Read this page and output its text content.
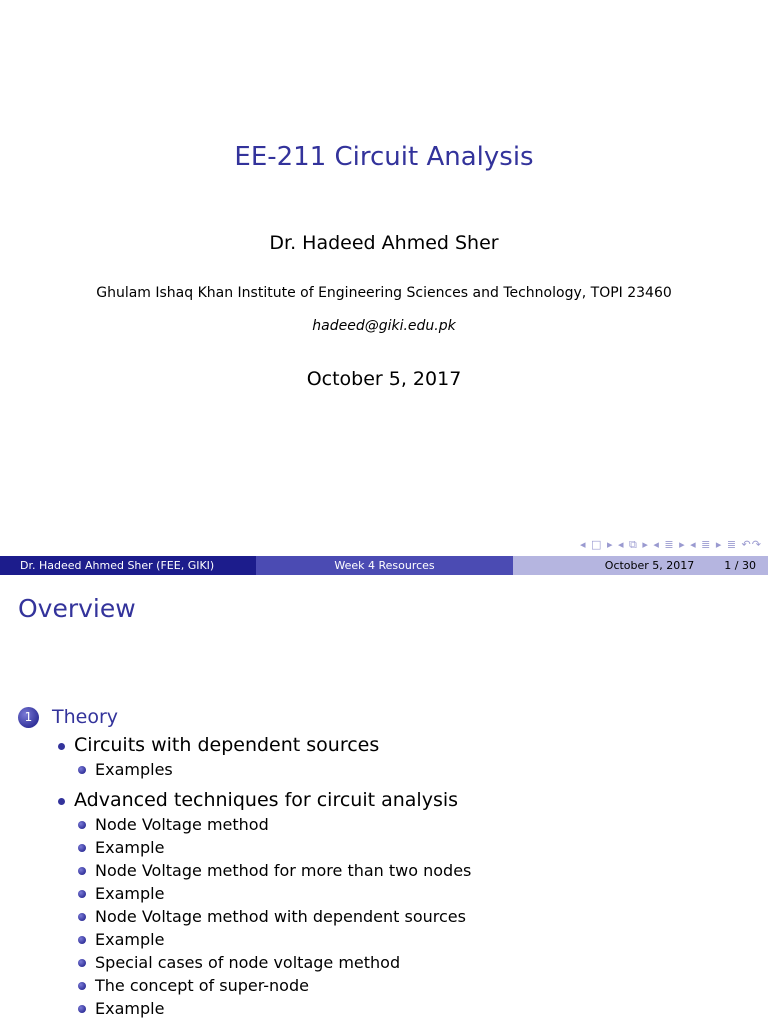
EE-211 Circuit Analysis
Dr. Hadeed Ahmed Sher
Ghulam Ishaq Khan Institute of Engineering Sciences and Technology, TOPI 23460
hadeed@giki.edu.pk
October 5, 2017
◂ □ ▸ ◂ ⧉ ▸ ◂ ≣ ▸ ◂ ≣ ▸ ≣ ↶↷
Dr. Hadeed Ahmed Sher (FEE, GIKI)	Week 4 Resources	October 5, 2017	1 / 30
Overview
1	Theory
Circuits with dependent sources
Examples
Advanced techniques for circuit analysis
Node Voltage method
Example
Node Voltage method for more than two nodes
Example
Node Voltage method with dependent sources
Example
Special cases of node voltage method
The concept of super-node
Example
